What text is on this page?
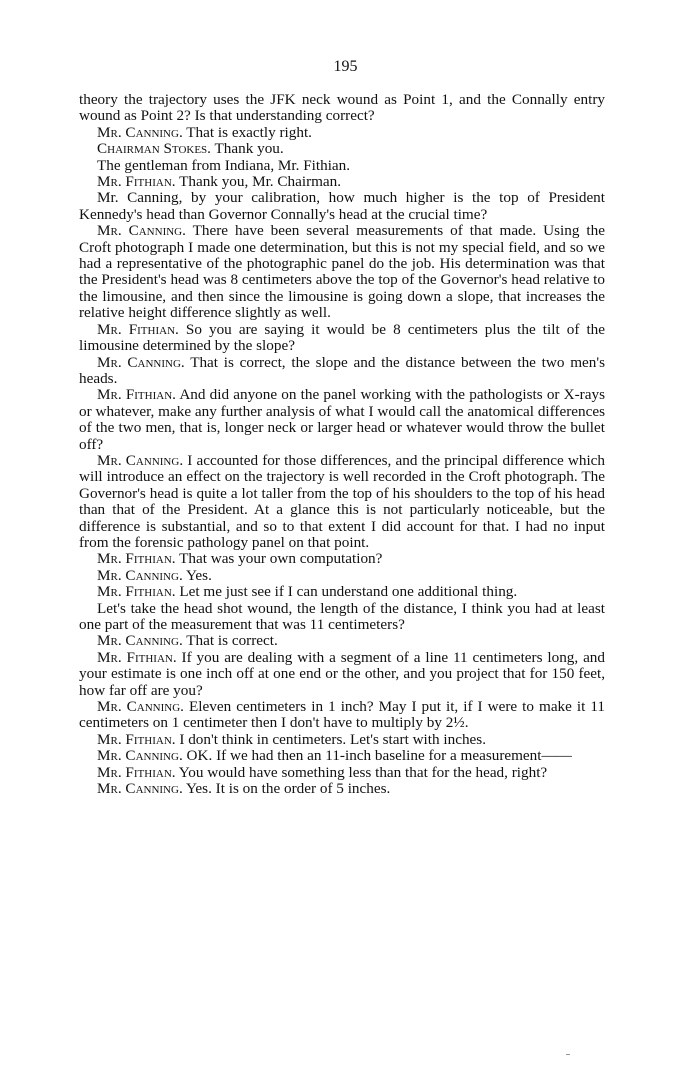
195

theory the trajectory uses the JFK neck wound as Point 1, and the Connally entry wound as Point 2? Is that understanding correct?

Mr. Canning. That is exactly right.

Chairman Stokes. Thank you.

The gentleman from Indiana, Mr. Fithian.

Mr. Fithian. Thank you, Mr. Chairman.

Mr. Canning, by your calibration, how much higher is the top of President Kennedy's head than Governor Connally's head at the crucial time?

Mr. Canning. There have been several measurements of that made. Using the Croft photograph I made one determination, but this is not my special field, and so we had a representative of the photographic panel do the job. His determination was that the President's head was 8 centimeters above the top of the Governor's head relative to the limousine, and then since the limousine is going down a slope, that increases the relative height difference slightly as well.

Mr. Fithian. So you are saying it would be 8 centimeters plus the tilt of the limousine determined by the slope?

Mr. Canning. That is correct, the slope and the distance between the two men's heads.

Mr. Fithian. And did anyone on the panel working with the pathologists or X-rays or whatever, make any further analysis of what I would call the anatomical differences of the two men, that is, longer neck or larger head or whatever would throw the bullet off?

Mr. Canning. I accounted for those differences, and the principal difference which will introduce an effect on the trajectory is well recorded in the Croft photograph. The Governor's head is quite a lot taller from the top of his shoulders to the top of his head than that of the President. At a glance this is not particularly noticeable, but the difference is substantial, and so to that extent I did account for that. I had no input from the forensic pathology panel on that point.

Mr. Fithian. That was your own computation?

Mr. Canning. Yes.

Mr. Fithian. Let me just see if I can understand one additional thing.

Let's take the head shot wound, the length of the distance, I think you had at least one part of the measurement that was 11 centimeters?

Mr. Canning. That is correct.

Mr. Fithian. If you are dealing with a segment of a line 11 centimeters long, and your estimate is one inch off at one end or the other, and you project that for 150 feet, how far off are you?

Mr. Canning. Eleven centimeters in 1 inch? May I put it, if I were to make it 11 centimeters on 1 centimeter then I don't have to multiply by 2½.

Mr. Fithian. I don't think in centimeters. Let's start with inches.

Mr. Canning. OK. If we had then an 11-inch baseline for a measurement——

Mr. Fithian. You would have something less than that for the head, right?

Mr. Canning. Yes. It is on the order of 5 inches.
